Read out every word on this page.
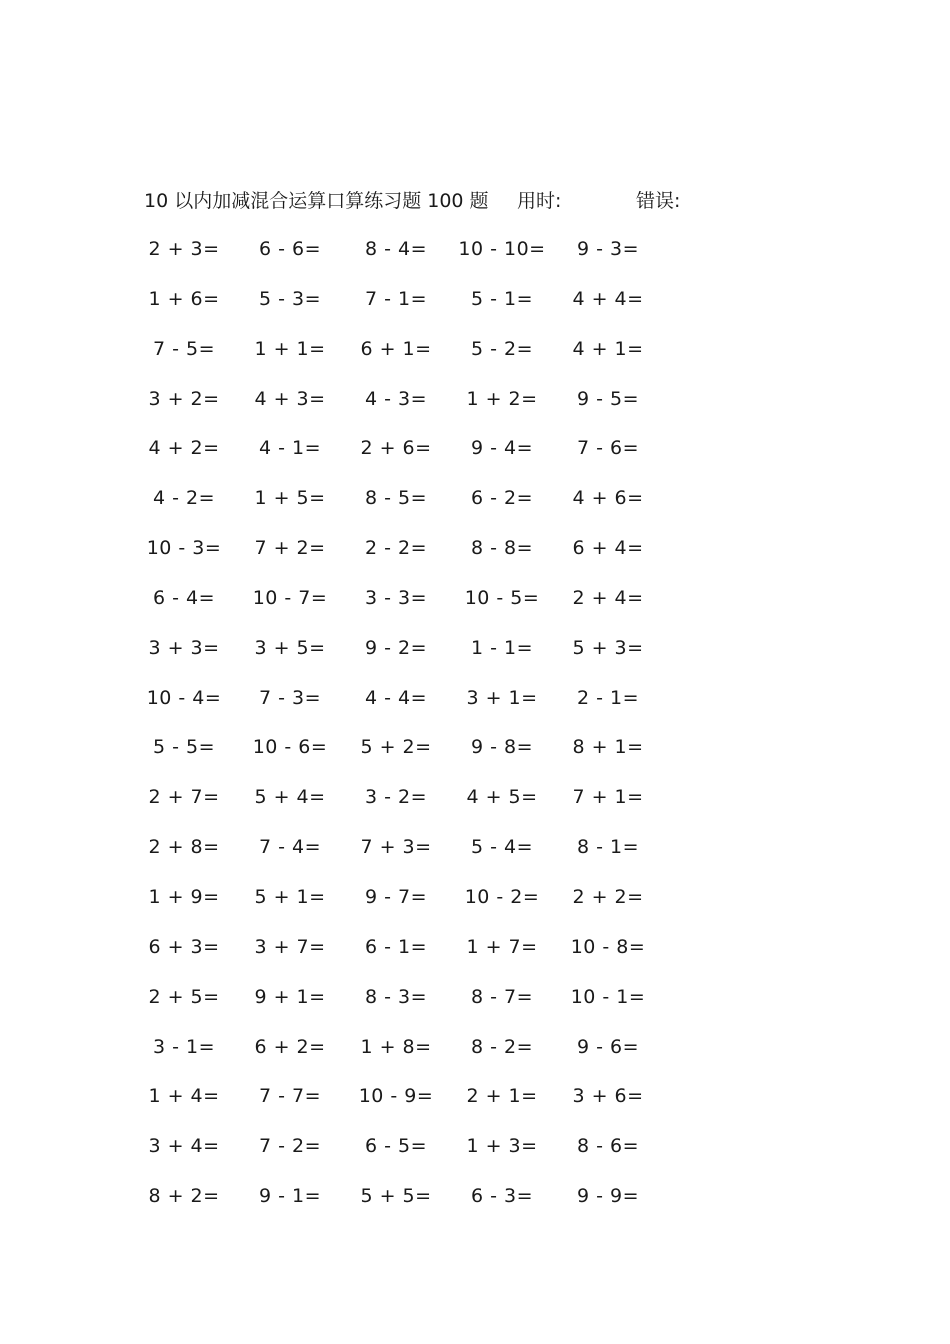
10 以内加减混合运算口算练习题 100 题 用时:	错误:
2 + 3= 6 - 6= 8 - 4= 10 - 10= 9 - 3=
1 + 6= 5 - 3= 7 - 1= 5 - 1= 4 + 4=
7 - 5= 1 + 1= 6 + 1= 5 - 2= 4 + 1=
3 + 2= 4 + 3= 4 - 3= 1 + 2= 9 - 5=
4 + 2= 4 - 1= 2 + 6= 9 - 4= 7 - 6=
4 - 2= 1 + 5= 8 - 5= 6 - 2= 4 + 6=
10 - 3= 7 + 2= 2 - 2= 8 - 8= 6 + 4=
6 - 4= 10 - 7= 3 - 3= 10 - 5= 2 + 4=
3 + 3= 3 + 5= 9 - 2= 1 - 1= 5 + 3=
10 - 4= 7 - 3= 4 - 4= 3 + 1= 2 - 1=
5 - 5= 10 - 6= 5 + 2= 9 - 8= 8 + 1=
2 + 7= 5 + 4= 3 - 2= 4 + 5= 7 + 1=
2 + 8= 7 - 4= 7 + 3= 5 - 4= 8 - 1=
1 + 9= 5 + 1= 9 - 7= 10 - 2= 2 + 2=
6 + 3= 3 + 7= 6 - 1= 1 + 7= 10 - 8=
2 + 5= 9 + 1= 8 - 3= 8 - 7= 10 - 1=
3 - 1= 6 + 2= 1 + 8= 8 - 2= 9 - 6=
1 + 4= 7 - 7= 10 - 9= 2 + 1= 3 + 6=
3 + 4= 7 - 2= 6 - 5= 1 + 3= 8 - 6=
8 + 2= 9 - 1= 5 + 5= 6 - 3= 9 - 9=
